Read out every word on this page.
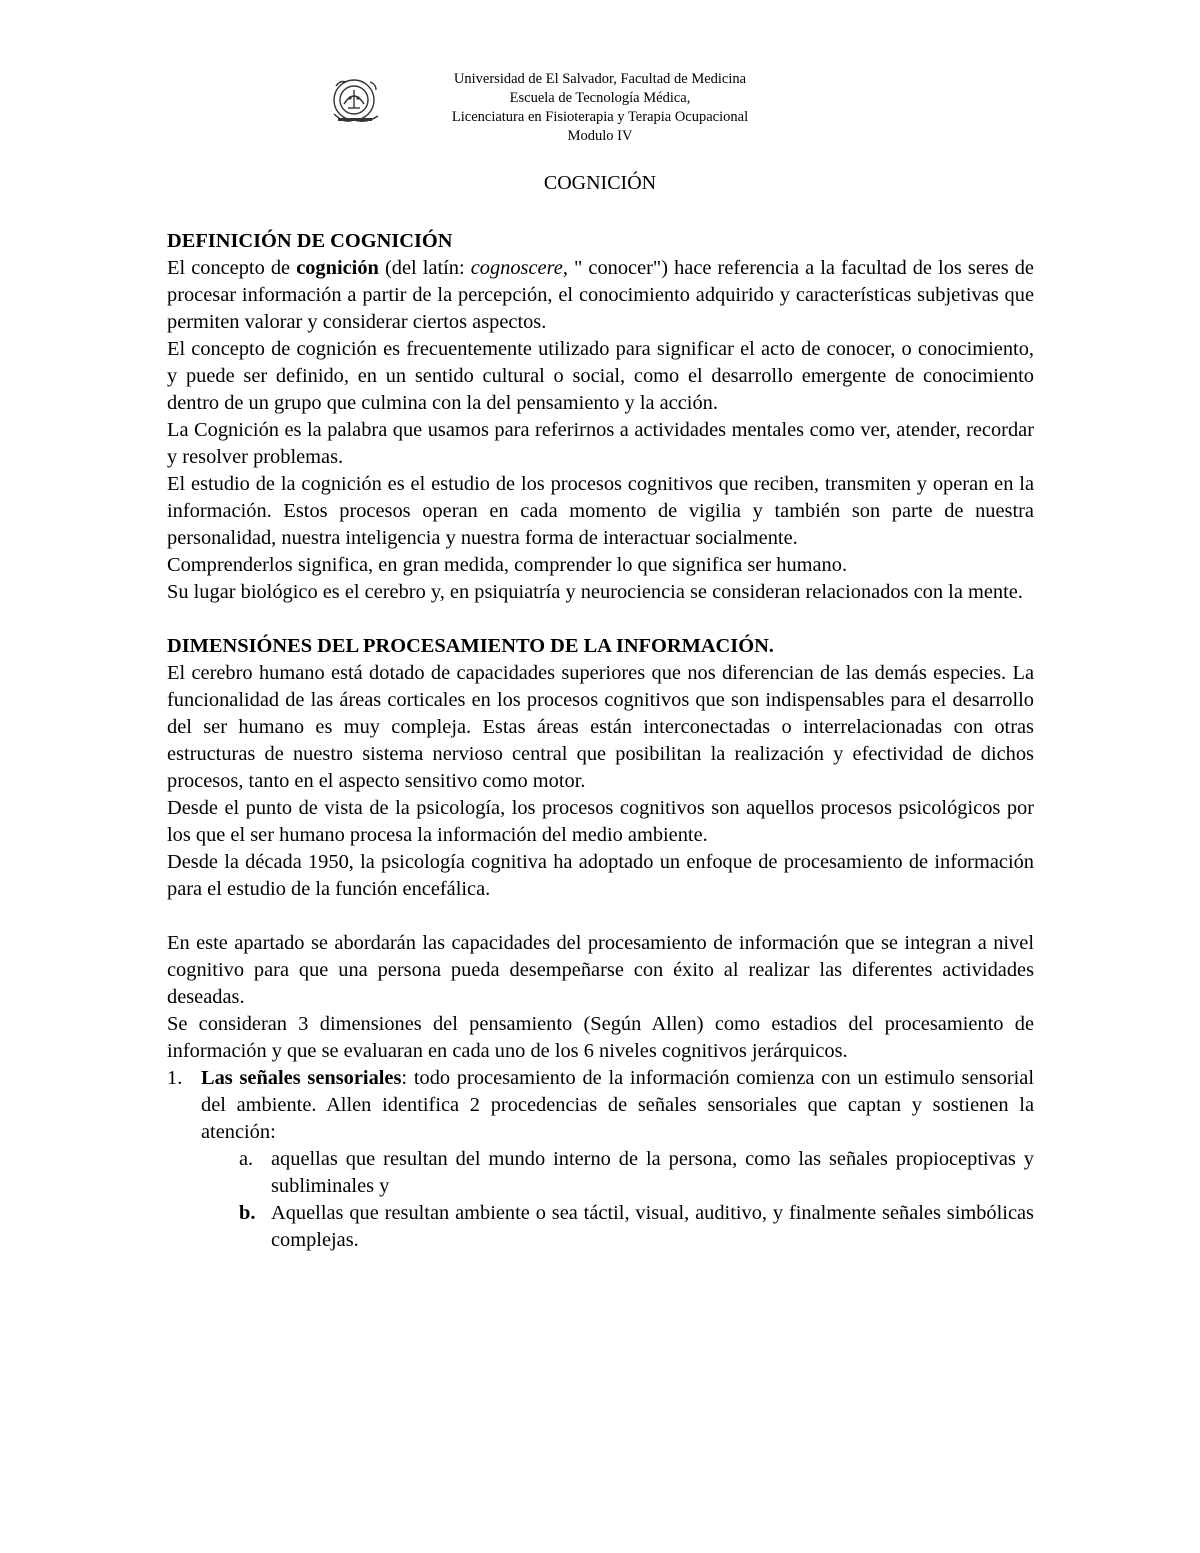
Universidad de El Salvador, Facultad de Medicina
Escuela de Tecnología Médica,
Licenciatura en Fisioterapia y Terapia Ocupacional
Modulo IV
COGNICIÓN

DEFINICIÓN DE COGNICIÓN

El concepto de cognición (del latín: cognoscere, " conocer") hace referencia a la facultad de los seres de procesar información a partir de la percepción, el conocimiento adquirido y características subjetivas que permiten valorar y considerar ciertos aspectos.

El concepto de cognición es frecuentemente utilizado para significar el acto de conocer, o conocimiento, y puede ser definido, en un sentido cultural o social, como el desarrollo emergente de conocimiento dentro de un grupo que culmina con la del pensamiento y la acción.

La Cognición es la palabra que usamos para referirnos a actividades mentales como ver, atender, recordar y resolver problemas.

El estudio de la cognición es el estudio de los procesos cognitivos que reciben, transmiten y operan en la información. Estos procesos operan en cada momento de vigilia y también son parte de nuestra personalidad, nuestra inteligencia y nuestra forma de interactuar socialmente.

Comprenderlos significa, en gran medida, comprender lo que significa ser humano.

Su lugar biológico es el cerebro y, en psiquiatría y neurociencia se consideran relacionados con la mente.

DIMENSIÓNES DEL PROCESAMIENTO DE LA INFORMACIÓN.

El cerebro humano está dotado de capacidades superiores que nos diferencian de las demás especies. La funcionalidad de las áreas corticales en los procesos cognitivos que son indispensables para el desarrollo del ser humano es muy compleja. Estas áreas están interconectadas o interrelacionadas con otras estructuras de nuestro sistema nervioso central que posibilitan la realización y efectividad de dichos procesos, tanto en el aspecto sensitivo como motor.

Desde el punto de vista de la psicología, los procesos cognitivos son aquellos procesos psicológicos por los que el ser humano procesa la información del medio ambiente.

Desde la década 1950, la psicología cognitiva ha adoptado un enfoque de procesamiento de información para el estudio de la función encefálica.

En este apartado se abordarán las capacidades del procesamiento de información que se integran a nivel cognitivo para que una persona pueda desempeñarse con éxito al realizar las diferentes actividades deseadas.

Se consideran 3 dimensiones del pensamiento (Según Allen) como estadios del procesamiento de información y que se evaluaran en cada uno de los 6 niveles cognitivos jerárquicos.

1. Las señales sensoriales: todo procesamiento de la información comienza con un estimulo sensorial del ambiente. Allen identifica 2 procedencias de señales sensoriales que captan y sostienen la atención:
a. aquellas que resultan del mundo interno de la persona, como las señales propioceptivas y subliminales y
b. Aquellas que resultan ambiente o sea táctil, visual, auditivo, y finalmente señales simbólicas complejas.
